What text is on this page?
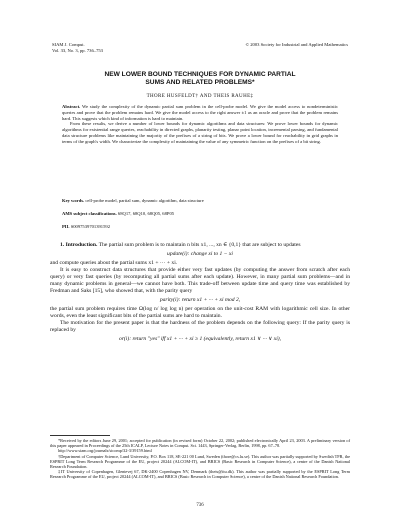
SIAM J. Comput.
Vol. 33, No. 3, pp. 736–753
© 2003 Society for Industrial and Applied Mathematics
NEW LOWER BOUND TECHNIQUES FOR DYNAMIC PARTIAL
SUMS AND RELATED PROBLEMS*
THORE HUSFELDT† AND THEIS RAUHE‡

Abstract. We study the complexity of the dynamic partial sum problem in the cell-probe model. We give the model access to nondeterministic queries and prove that the problem remains hard. We give the model access to the right answer ±1 as an oracle and prove that the problem remains hard. This suggests which kind of information is hard to maintain.

From these results, we derive a number of lower bounds for dynamic algorithms and data structures: We prove lower bounds for dynamic algorithms for existential range queries, reachability in directed graphs, planarity testing, planar point location, incremental parsing, and fundamental data structure problems like maintaining the majority of the prefixes of a string of bits. We prove a lower bound for reachability in grid graphs in terms of the graph's width. We characterize the complexity of maintaining the value of any symmetric function on the prefixes of a bit string.

Key words. cell-probe model, partial sum, dynamic algorithm, data structure
AMS subject classifications. 68Q17, 68Q10, 68Q05, 68P05
PII. S0097539701391592

1. Introduction. The partial sum problem is to maintain n bits x1, ..., xn ∈ {0,1} that are subject to updates

update(i): change xi to 1 − xi

and compute queries about the partial sums x1 + ··· + xi.

It is easy to construct data structures that provide either very fast updates (by computing the answer from scratch after each query) or very fast queries (by recomputing all partial sums after each update). However, in many partial sum problems—and in many dynamic problems in general—we cannot have both. This trade-off between update time and query time was established by Fredman and Saks [15], who showed that, with the parity query

parity(i): return x1 + ··· + xi mod 2,

the partial sum problem requires time Ω(log n/ log log n) per operation on the unit-cost RAM with logarithmic cell size. In other words, even the least significant bits of the partial sums are hard to maintain.

The motivation for the present paper is that the hardness of the problem depends on the following query: If the parity query is replaced by

or(i): return "yes" iff x1 + ··· + xi ≥ 1 (equivalently, return x1 ∨ ··· ∨ xi),

*Received by the editors June 29, 2001; accepted for publication (in revised form) October 22, 2002; published electronically April 23, 2003. A preliminary version of this paper appeared in Proceedings of the 25th ICALP, Lecture Notes in Comput. Sci. 1443, Springer-Verlag, Berlin, 1998, pp. 67–78.

http://www.siam.org/journals/sicomp/32-3/39159.html

†Department of Computer Science, Lund University, P.O. Box 118, SE-221 00 Lund, Sweden (thore@cs.lu.se). This author was partially supported by Swedish TFR, the ESPRIT Long Term Research Programme of the EU, project 20244 (ALCOM-IT), and BRICS (Basic Research in Computer Science), a centre of the Danish National Research Foundation.

‡IT University of Copenhagen, Glentevej 67, DK-2400 Copenhagen NV, Denmark (theis@itu.dk). This author was partially supported by the ESPRIT Long Term Research Programme of the EU, project 20244 (ALCOM-IT), and BRICS (Basic Research in Computer Science), a centre of the Danish National Research Foundation.

736
